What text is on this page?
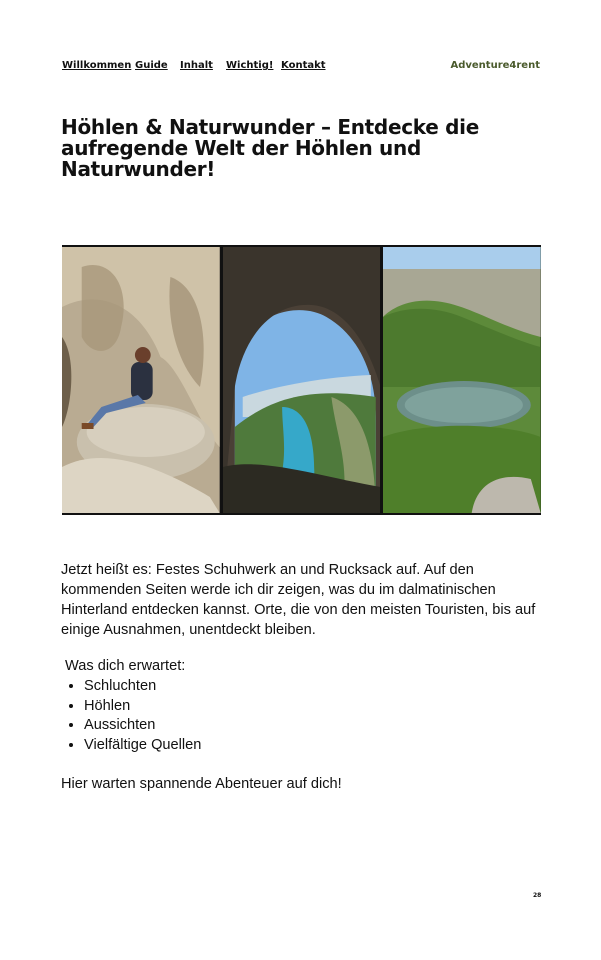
Willkommen Guide Inhalt Wichtig! Kontakt	Adventure4rent
Höhlen & Naturwunder – Entdecke die aufregende Welt der Höhlen und Naturwunder!

Jetzt heißt es: Festes Schuhwerk an und Rucksack auf. Auf den kommenden Seiten werde ich dir zeigen, was du im dalmatinischen Hinterland entdecken kannst. Orte, die von den meisten Touristen, bis auf einige Ausnahmen, unentdeckt bleiben.

Was dich erwartet:
• Schluchten
• Höhlen
• Aussichten
• Vielfältige Quellen

Hier warten spannende Abenteuer auf dich!

28
